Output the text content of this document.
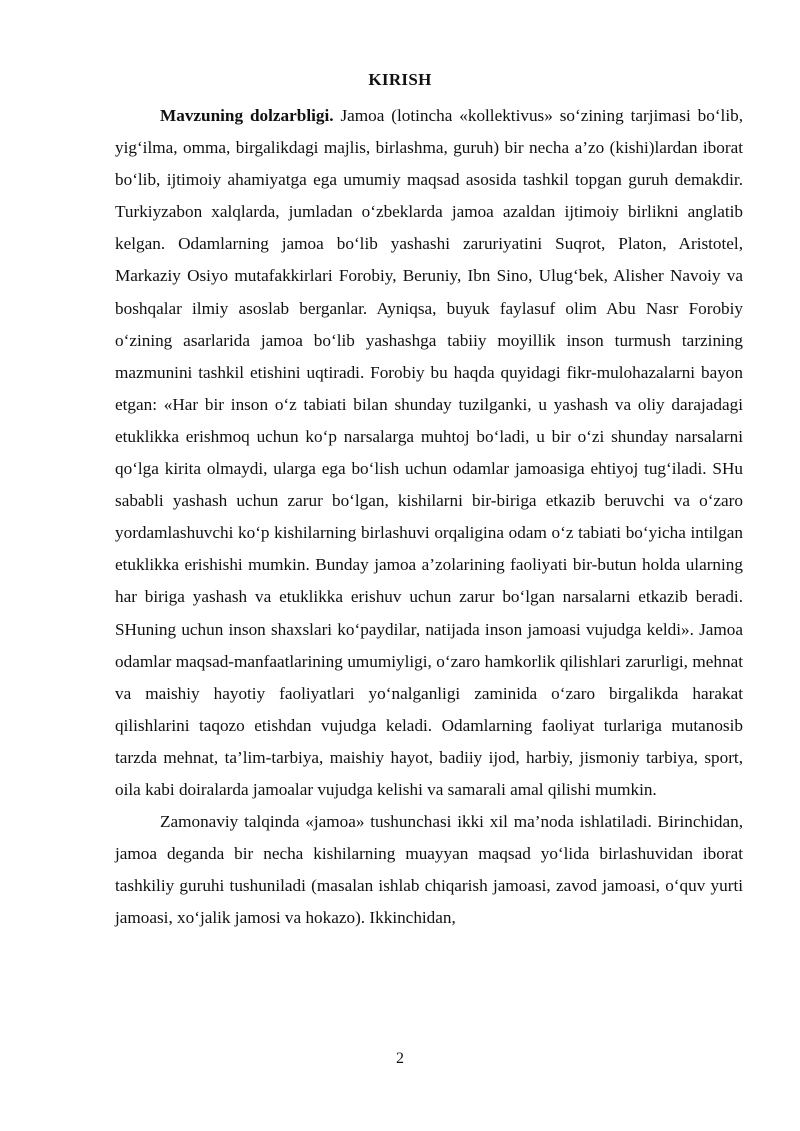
KIRISH

Mavzuning dolzarbligi. Jamoa (lotincha «kollektivus» so‘zining tarjimasi bo‘lib, yig‘ilma, omma, birgalikdagi majlis, birlashma, guruh) bir necha a’zo (kishi)lardan iborat bo‘lib, ijtimoiy ahamiyatga ega umumiy maqsad asosida tashkil topgan guruh demakdir. Turkiyzabon xalqlarda, jumladan o‘zbeklarda jamoa azaldan ijtimoiy birlikni anglatib kelgan. Odamlarning jamoa bo‘lib yashashi zaruriyatini Suqrot, Platon, Aristotel, Markaziy Osiyo mutafakkirlari Forobiy, Beruniy, Ibn Sino, Ulug‘bek, Alisher Navoiy va boshqalar ilmiy asoslab berganlar. Ayniqsa, buyuk faylasuf olim Abu Nasr Forobiy o‘zining asarlarida jamoa bo‘lib yashashga tabiiy moyillik inson turmush tarzining mazmunini tashkil etishini uqtiradi. Forobiy bu haqda quyidagi fikr-mulohazalarni bayon etgan: «Har bir inson o‘z tabiati bilan shunday tuzilganki, u yashash va oliy darajadagi etuklikka erishmoq uchun ko‘p narsalarga muhtoj bo‘ladi, u bir o‘zi shunday narsalarni qo‘lga kirita olmaydi, ularga ega bo‘lish uchun odamlar jamoasiga ehtiyoj tug‘iladi. SHu sababli yashash uchun zarur bo‘lgan, kishilarni bir-biriga etkazib beruvchi va o‘zaro yordamlashuvchi ko‘p kishilarning birlashuvi orqaligina odam o‘z tabiati bo‘yicha intilgan etuklikka erishishi mumkin. Bunday jamoa a’zolarining faoliyati bir-butun holda ularning har biriga yashash va etuklikka erishuv uchun zarur bo‘lgan narsalarni etkazib beradi. SHuning uchun inson shaxslari ko‘paydilar, natijada inson jamoasi vujudga keldi». Jamoa odamlar maqsad-manfaatlarining umumiyligi, o‘zaro hamkorlik qilishlari zarurligi, mehnat va maishiy hayotiy faoliyatlari yo‘nalganligi zaminida o‘zaro birgalikda harakat qilishlarini taqozo etishdan vujudga keladi. Odamlarning faoliyat turlariga mutanosib tarzda mehnat, ta’lim-tarbiya, maishiy hayot, badiiy ijod, harbiy, jismoniy tarbiya, sport, oila kabi doiralarda jamoalar vujudga kelishi va samarali amal qilishi mumkin.

Zamonaviy talqinda «jamoa» tushunchasi ikki xil ma’noda ishlatiladi. Birinchidan, jamoa deganda bir necha kishilarning muayyan maqsad yo‘lida birlashuvidan iborat tashkiliy guruhi tushuniladi (masalan ishlab chiqarish jamoasi, zavod jamoasi, o‘quv yurti jamoasi, xo‘jalik jamosi va hokazo). Ikkinchidan,

2
